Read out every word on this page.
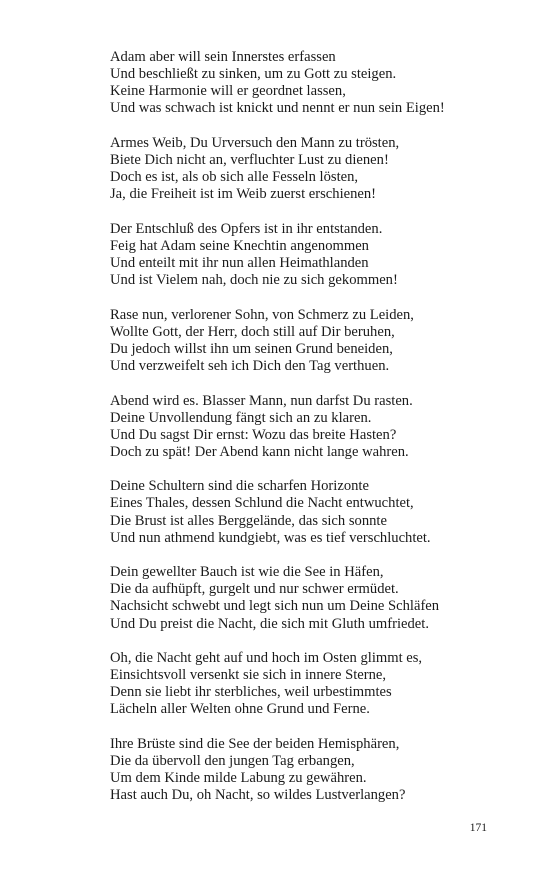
Adam aber will sein Innerstes erfassen
Und beschließt zu sinken, um zu Gott zu steigen.
Keine Harmonie will er geordnet lassen,
Und was schwach ist knickt und nennt er nun sein Eigen!
Armes Weib, Du Urversuch den Mann zu trösten,
Biete Dich nicht an, verfluchter Lust zu dienen!
Doch es ist, als ob sich alle Fesseln lösten,
Ja, die Freiheit ist im Weib zuerst erschienen!
Der Entschluß des Opfers ist in ihr entstanden.
Feig hat Adam seine Knechtin angenommen
Und enteilt mit ihr nun allen Heimathlanden
Und ist Vielem nah, doch nie zu sich gekommen!
Rase nun, verlorener Sohn, von Schmerz zu Leiden,
Wollte Gott, der Herr, doch still auf Dir beruhen,
Du jedoch willst ihn um seinen Grund beneiden,
Und verzweifelt seh ich Dich den Tag verthuen.
Abend wird es. Blasser Mann, nun darfst Du rasten.
Deine Unvollendung fängt sich an zu klaren.
Und Du sagst Dir ernst: Wozu das breite Hasten?
Doch zu spät! Der Abend kann nicht lange wahren.
Deine Schultern sind die scharfen Horizonte
Eines Thales, dessen Schlund die Nacht entwuchtet,
Die Brust ist alles Berggelände, das sich sonnte
Und nun athmend kundgiebt, was es tief verschluchtet.
Dein gewellter Bauch ist wie die See in Häfen,
Die da aufhüpft, gurgelt und nur schwer ermüdet.
Nachsicht schwebt und legt sich nun um Deine Schläfen
Und Du preist die Nacht, die sich mit Gluth umfriedet.
Oh, die Nacht geht auf und hoch im Osten glimmt es,
Einsichtsvoll versenkt sie sich in innere Sterne,
Denn sie liebt ihr sterbliches, weil urbestimmtes
Lächeln aller Welten ohne Grund und Ferne.
Ihre Brüste sind die See der beiden Hemisphären,
Die da übervoll den jungen Tag erbangen,
Um dem Kinde milde Labung zu gewähren.
Hast auch Du, oh Nacht, so wildes Lustverlangen?
171
